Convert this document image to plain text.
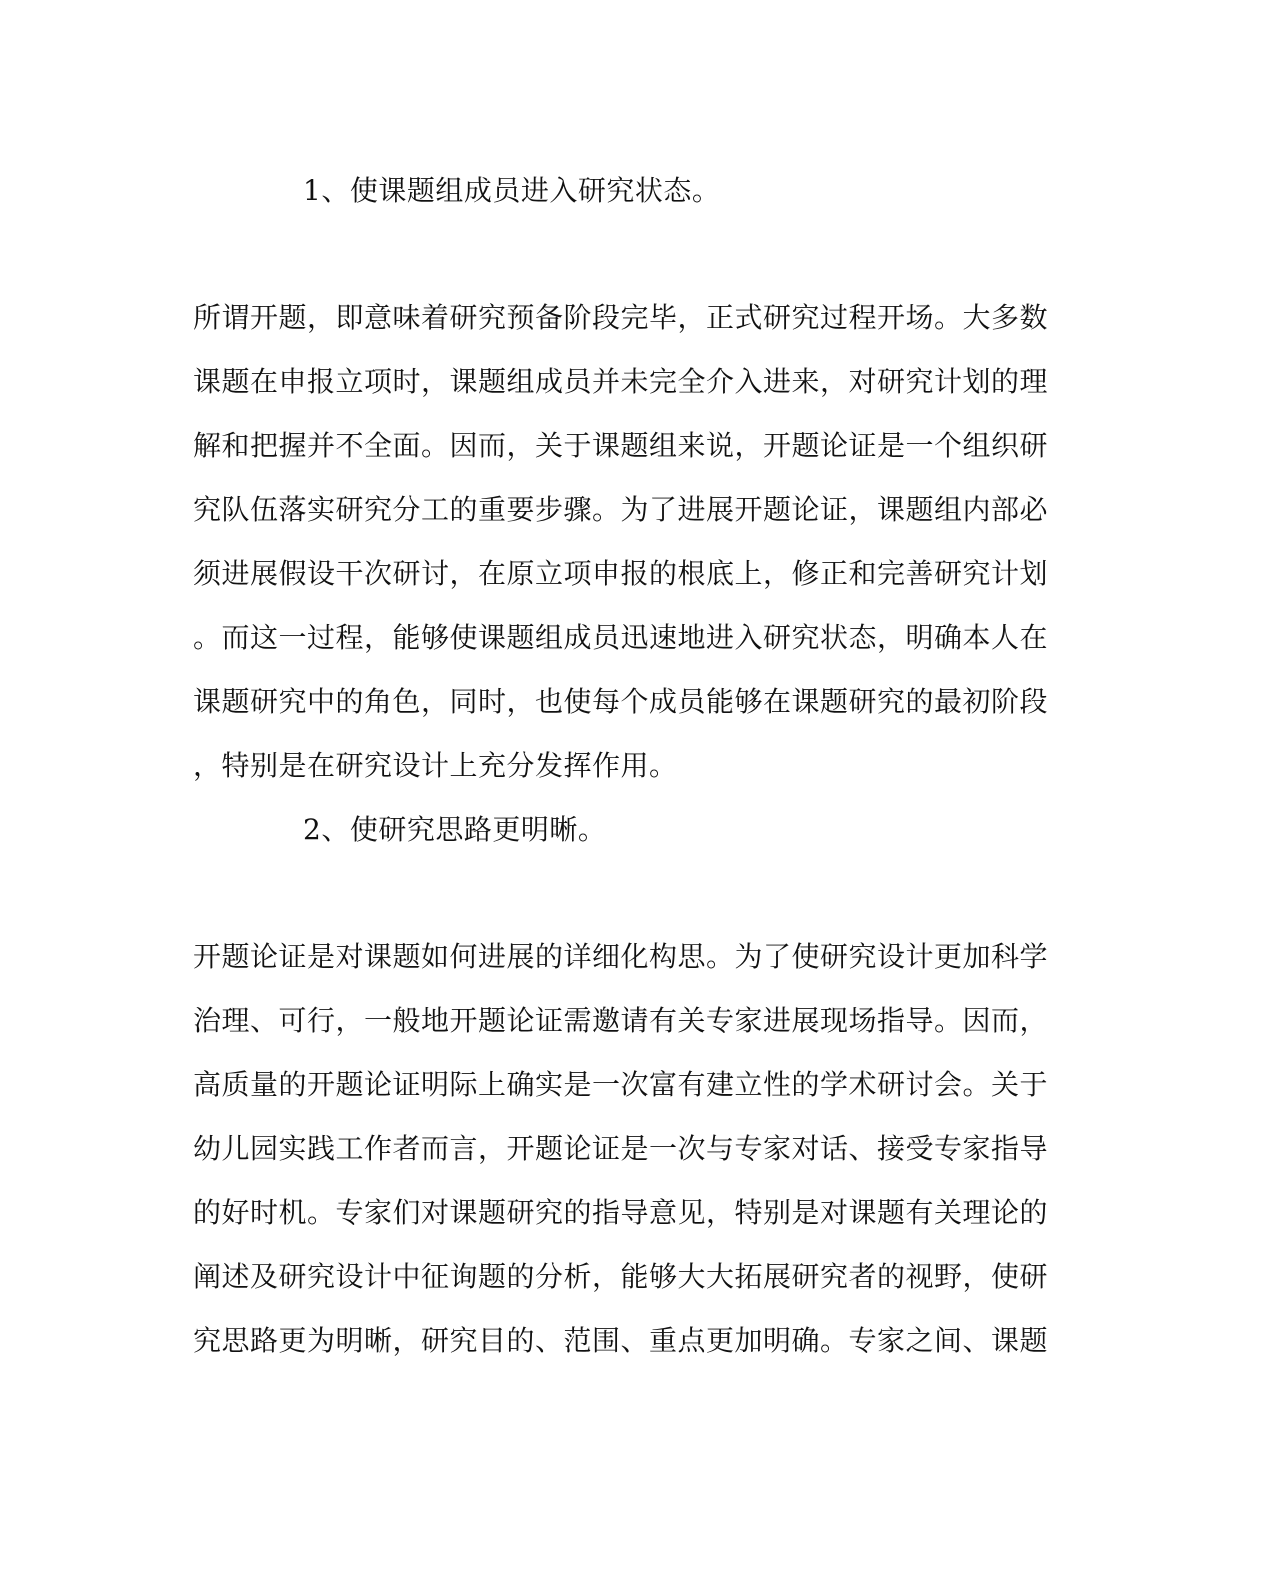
1、使课题组成员进入研究状态。
所谓开题，即意味着研究预备阶段完毕，正式研究过程开场。大多数
课题在申报立项时，课题组成员并未完全介入进来，对研究计划的理
解和把握并不全面。因而，关于课题组来说，开题论证是一个组织研
究队伍落实研究分工的重要步骤。为了进展开题论证，课题组内部必
须进展假设干次研讨，在原立项申报的根底上，修正和完善研究计划
。而这一过程，能够使课题组成员迅速地进入研究状态，明确本人在
课题研究中的角色，同时，也使每个成员能够在课题研究的最初阶段
，特别是在研究设计上充分发挥作用。
2、使研究思路更明晰。
开题论证是对课题如何进展的详细化构思。为了使研究设计更加科学
治理、可行，一般地开题论证需邀请有关专家进展现场指导。因而，
高质量的开题论证明际上确实是一次富有建立性的学术研讨会。关于
幼儿园实践工作者而言，开题论证是一次与专家对话、接受专家指导
的好时机。专家们对课题研究的指导意见，特别是对课题有关理论的
阐述及研究设计中征询题的分析，能够大大拓展研究者的视野，使研
究思路更为明晰，研究目的、范围、重点更加明确。专家之间、课题
